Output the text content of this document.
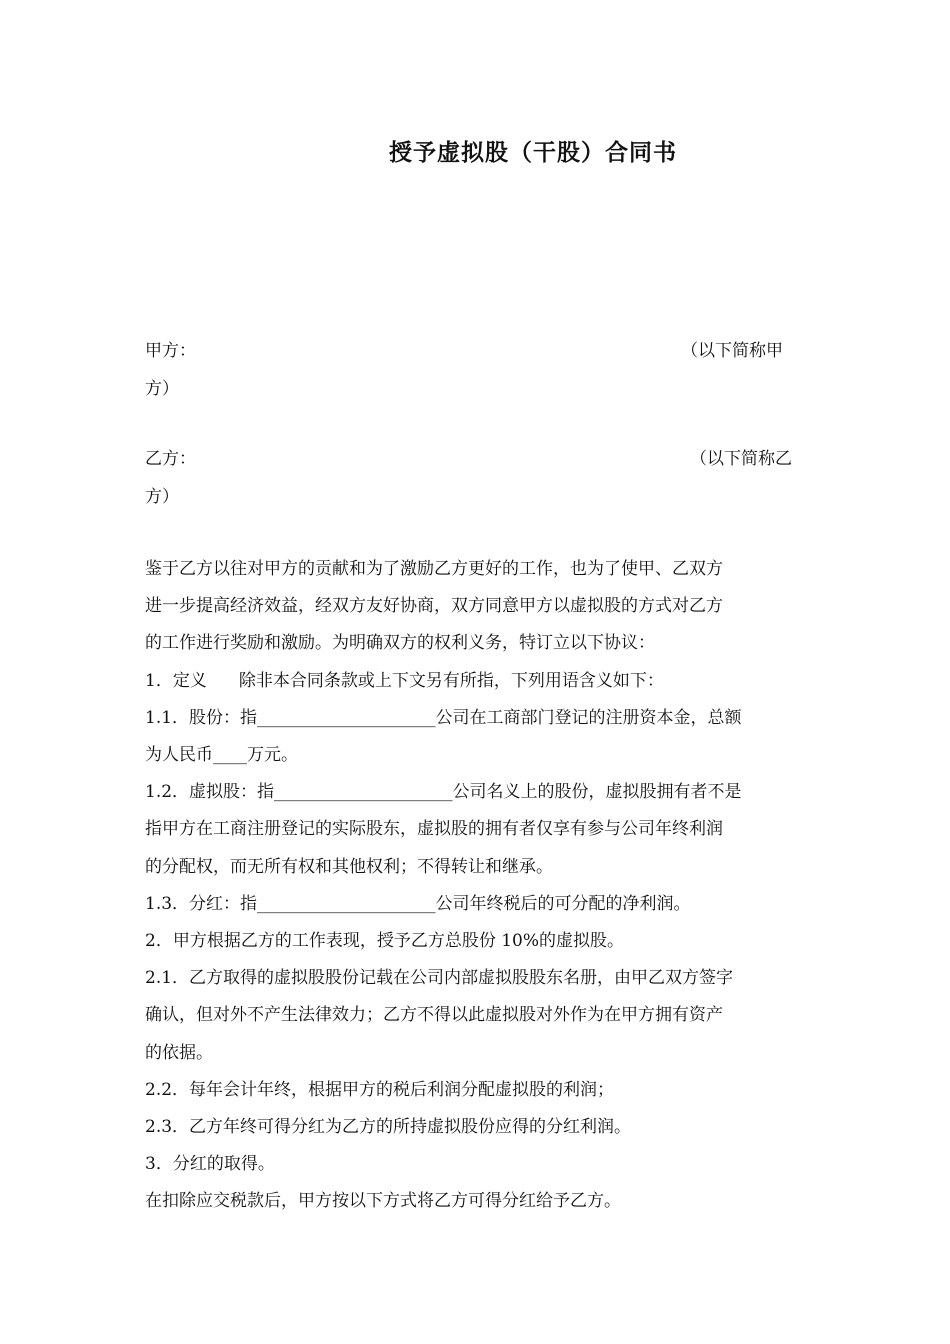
授予虚拟股（干股）合同书
甲方：	（以下简称甲
方）
乙方：	（以下简称乙
方）

鉴于乙方以往对甲方的贡献和为了激励乙方更好的工作，也为了使甲、乙双方

进一步提高经济效益，经双方友好协商，双方同意甲方以虚拟股的方式对乙方

的工作进行奖励和激励。为明确双方的权利义务，特订立以下协议：

1．定义 除非本合同条款或上下文另有所指，下列用语含义如下：

1.1．股份：指_____________________公司在工商部门登记的注册资本金，总额

为人民币____万元。

1.2．虚拟股：指_____________________公司名义上的股份，虚拟股拥有者不是

指甲方在工商注册登记的实际股东，虚拟股的拥有者仅享有参与公司年终利润

的分配权，而无所有权和其他权利；不得转让和继承。

1.3．分红：指_____________________公司年终税后的可分配的净利润。

2．甲方根据乙方的工作表现，授予乙方总股份 10%的虚拟股。

2.1．乙方取得的虚拟股股份记载在公司内部虚拟股股东名册，由甲乙双方签字

确认，但对外不产生法律效力；乙方不得以此虚拟股对外作为在甲方拥有资产

的依据。

2.2．每年会计年终，根据甲方的税后利润分配虚拟股的利润；

2.3．乙方年终可得分红为乙方的所持虚拟股份应得的分红利润。

3．分红的取得。

在扣除应交税款后，甲方按以下方式将乙方可得分红给予乙方。
